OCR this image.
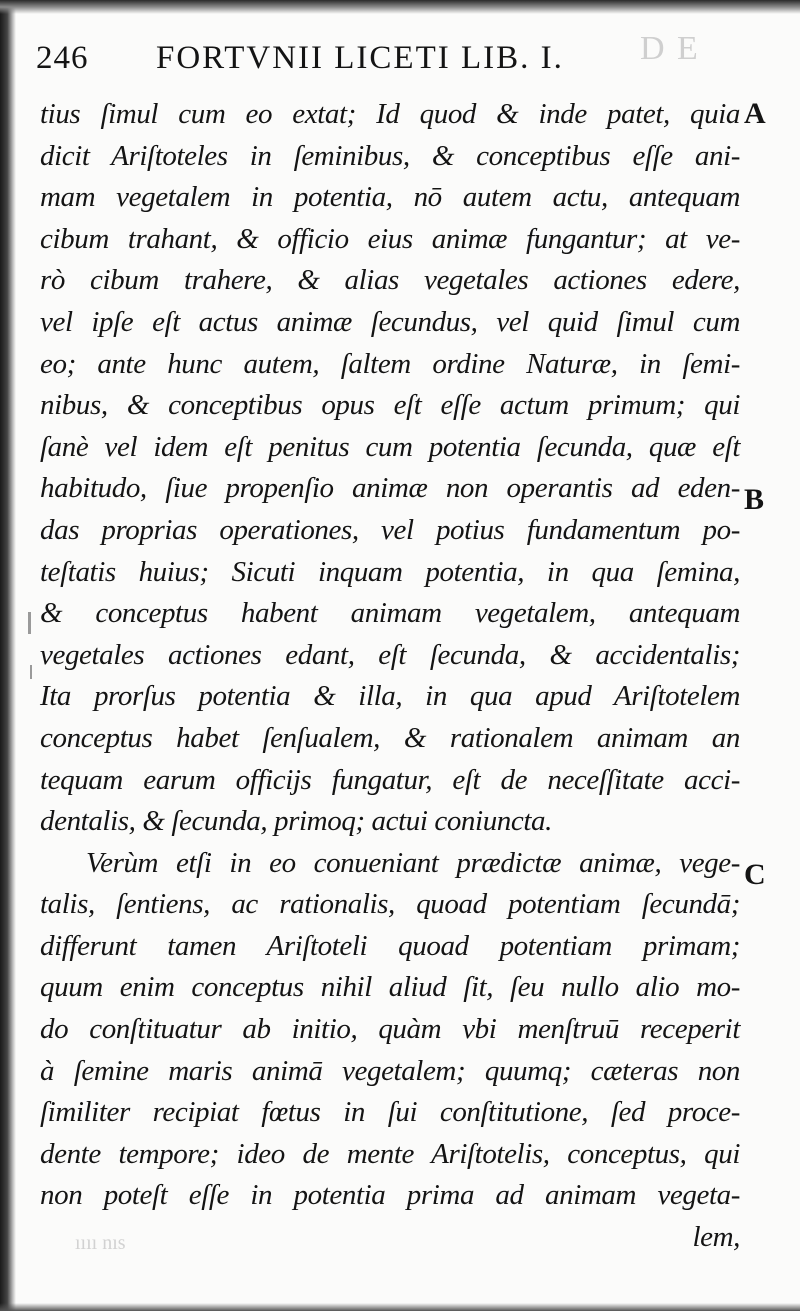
D E
ıııı nıs
246 FORTVNII LICETI LIB. I.
A
B
C
tius ſimul cum eo extat; Id quod & inde patet, quia
dicit Ariſtoteles in ſeminibus, & conceptibus eſſe ani-
mam vegetalem in potentia, nō autem actu, antequam
cibum trahant, & officio eius animæ fungantur; at ve-
rò cibum trahere, & alias vegetales actiones edere,
vel ipſe eſt actus animæ ſecundus, vel quid ſimul cum
eo; ante hunc autem, ſaltem ordine Naturæ, in ſemi-
nibus, & conceptibus opus eſt eſſe actum primum; qui
ſanè vel idem eſt penitus cum potentia ſecunda, quæ eſt
habitudo, ſiue propenſio animæ non operantis ad eden-
das proprias operationes, vel potius fundamentum po-
teſtatis huius; Sicuti inquam potentia, in qua ſemina,
& conceptus habent animam vegetalem, antequam
vegetales actiones edant, eſt ſecunda, & accidentalis;
Ita prorſus potentia & illa, in qua apud Ariſtotelem
conceptus habet ſenſualem, & rationalem animam an
tequam earum officijs fungatur, eſt de neceſſitate acci-
dentalis, & ſecunda, primoq; actui coniuncta.
Verùm etſi in eo conueniant prædictæ animæ, vege-
talis, ſentiens, ac rationalis, quoad potentiam ſecundā;
differunt tamen Ariſtoteli quoad potentiam primam;
quum enim conceptus nihil aliud ſit, ſeu nullo alio mo-
do conſtituatur ab initio, quàm vbi menſtruū receperit
à ſemine maris animā vegetalem; quumq; cæteras non
ſimiliter recipiat fœtus in ſui conſtitutione, ſed proce-
dente tempore; ideo de mente Ariſtotelis, conceptus, qui
non poteſt eſſe in potentia prima ad animam vegeta-
lem,
